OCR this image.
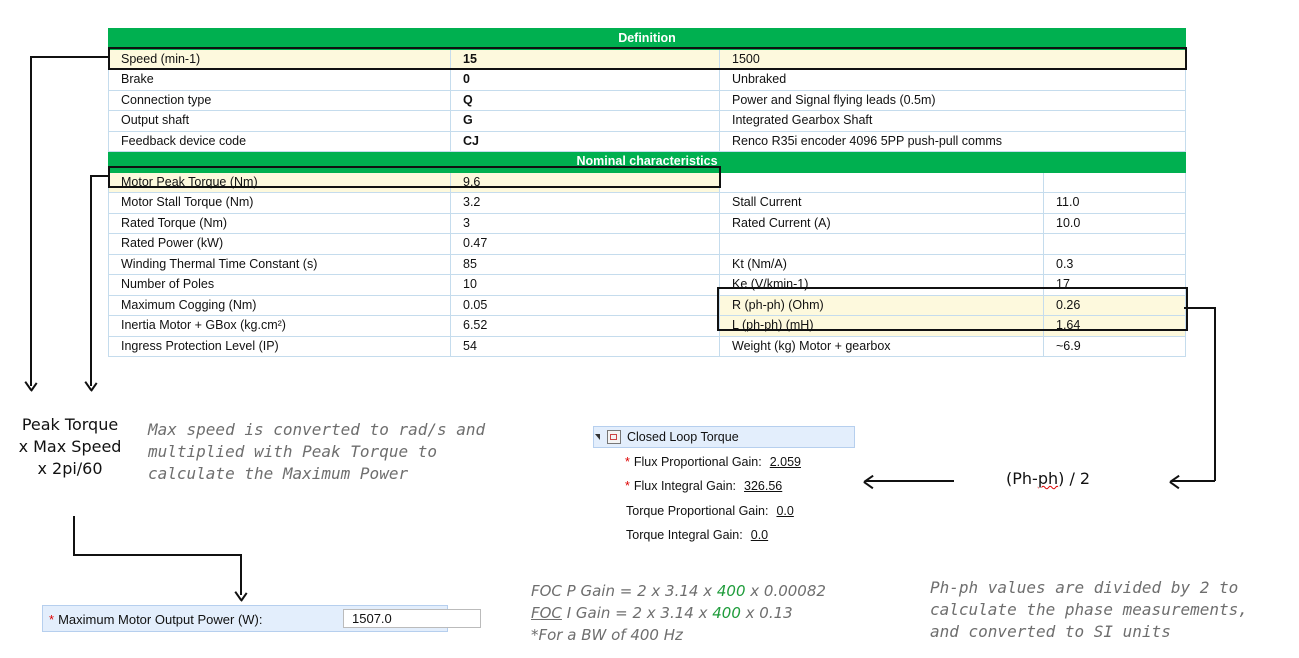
Definition			
Speed (min-1)	15	1500	
Brake	0	Unbraked	
Connection type	Q	Power and Signal flying leads (0.5m)	
Output shaft	G	Integrated Gearbox Shaft	
Feedback device code	CJ	Renco R35i encoder 4096 5PP push-pull comms	
Nominal characteristics			
Motor Peak Torque (Nm)	9.6		
Motor Stall Torque (Nm)	3.2	Stall Current	11.0
Rated Torque (Nm)	3	Rated Current (A)	10.0
Rated Power (kW)	0.47		
Winding Thermal Time Constant (s)	85	Kt (Nm/A)	0.3
Number of Poles	10	Ke (V/kmin-1)	17
Maximum Cogging (Nm)	0.05	R (ph-ph) (Ohm)	0.26
Inertia Motor + GBox (kg.cm²)	6.52	L (ph-ph) (mH)	1.64
Ingress Protection Level (IP)	54	Weight (kg) Motor + gearbox	~6.9
Peak Torque
x Max Speed
x 2pi/60
Max speed is converted to rad/s and
multiplied with Peak Torque to
calculate the Maximum Power
Closed Loop Torque
* Flux Proportional Gain: 2.059
* Flux Integral Gain: 326.56
Torque Proportional Gain: 0.0
Torque Integral Gain: 0.0
(Ph-ph) / 2
* Maximum Motor Output Power (W):	1507.0
FOC P Gain = 2 x 3.14 x 400 x 0.00082
FOC I Gain = 2 x 3.14 x 400 x 0.13
*For a BW of 400 Hz
Ph-ph values are divided by 2 to
calculate the phase measurements,
and converted to SI units
